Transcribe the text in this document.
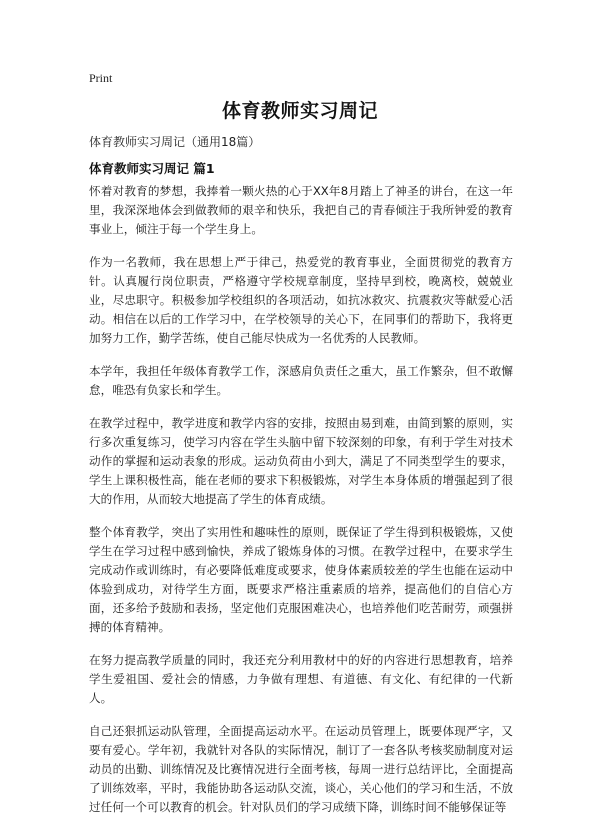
Print
体育教师实习周记
体育教师实习周记（通用18篇）
体育教师实习周记 篇1

怀着对教育的梦想，我捧着一颗火热的心于XX年8月踏上了神圣的讲台，在这一年里，我深深地体会到做教师的艰辛和快乐，我把自己的青春倾注于我所钟爱的教育事业上，倾注于每一个学生身上。

作为一名教师，我在思想上严于律己，热爱党的教育事业，全面贯彻党的教育方针。认真履行岗位职责，严格遵守学校规章制度，坚持早到校，晚离校，兢兢业业，尽忠职守。积极参加学校组织的各项活动，如抗冰救灾、抗震救灾等献爱心活动。相信在以后的工作学习中，在学校领导的关心下，在同事们的帮助下，我将更加努力工作，勤学苦练，使自己能尽快成为一名优秀的人民教师。

本学年，我担任年级体育教学工作，深感肩负责任之重大，虽工作繁杂，但不敢懈怠，唯恐有负家长和学生。

在教学过程中，教学进度和教学内容的安排，按照由易到难，由简到繁的原则，实行多次重复练习，使学习内容在学生头脑中留下较深刻的印象，有利于学生对技术动作的掌握和运动表象的形成。运动负荷由小到大，满足了不同类型学生的要求，学生上课积极性高，能在老师的要求下积极锻炼，对学生本身体质的增强起到了很大的作用，从而较大地提高了学生的体育成绩。

整个体育教学，突出了实用性和趣味性的原则，既保证了学生得到积极锻炼，又使学生在学习过程中感到愉快，养成了锻炼身体的习惯。在教学过程中，在要求学生完成动作或训练时，有必要降低难度或要求，使身体素质较差的学生也能在运动中体验到成功，对待学生方面，既要求严格注重素质的培养，提高他们的自信心方面，还多给予鼓励和表扬，坚定他们克服困难决心，也培养他们吃苦耐劳，顽强拼搏的体育精神。

在努力提高教学质量的同时，我还充分利用教材中的好的内容进行思想教育，培养学生爱祖国、爱社会的情感，力争做有理想、有道德、有文化、有纪律的一代新人。

自己还狠抓运动队管理，全面提高运动水平。在运动员管理上，既要体现严字，又要有爱心。学年初，我就针对各队的实际情况，制订了一套各队考核奖励制度对运动员的出勤、训练情况及比赛情况进行全面考核，每周一进行总结评比，全面提高了训练效率，平时，我能协助各运动队交流，谈心，关心他们的学习和生活，不放过任何一个可以教育的机会。针对队员们的学习成绩下降，训练时间不能够保证等
